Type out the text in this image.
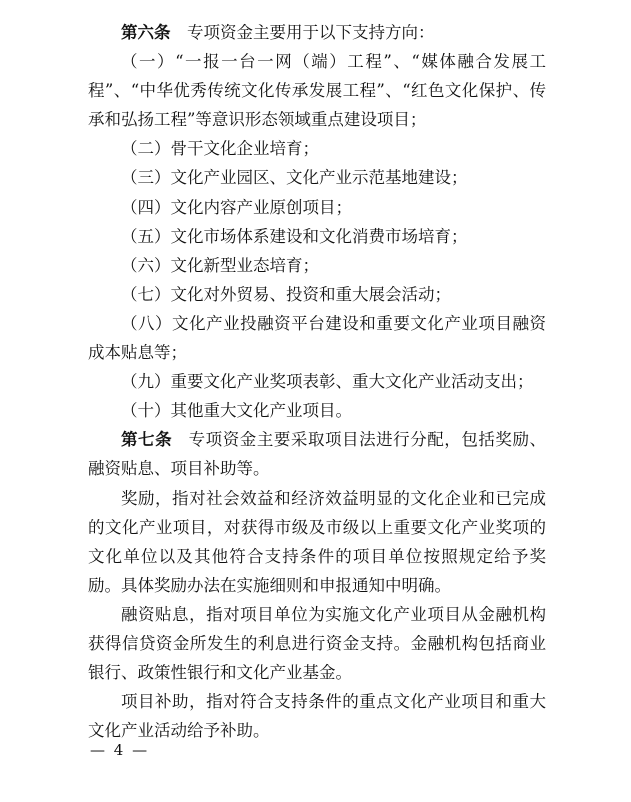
第六条 专项资金主要用于以下支持方向：

（一）“一报一台一网（端）工程”、“媒体融合发展工程”、“中华优秀传统文化传承发展工程”、“红色文化保护、传承和弘扬工程”等意识形态领域重点建设项目；

（二）骨干文化企业培育；

（三）文化产业园区、文化产业示范基地建设；

（四）文化内容产业原创项目；

（五）文化市场体系建设和文化消费市场培育；

（六）文化新型业态培育；

（七）文化对外贸易、投资和重大展会活动；

（八）文化产业投融资平台建设和重要文化产业项目融资成本贴息等；

（九）重要文化产业奖项表彰、重大文化产业活动支出；

（十）其他重大文化产业项目。

第七条 专项资金主要采取项目法进行分配，包括奖励、融资贴息、项目补助等。

奖励，指对社会效益和经济效益明显的文化企业和已完成的文化产业项目，对获得市级及市级以上重要文化产业奖项的文化单位以及其他符合支持条件的项目单位按照规定给予奖励。具体奖励办法在实施细则和申报通知中明确。

融资贴息，指对项目单位为实施文化产业项目从金融机构获得信贷资金所发生的利息进行资金支持。金融机构包括商业银行、政策性银行和文化产业基金。

项目补助，指对符合支持条件的重点文化产业项目和重大文化产业活动给予补助。

— 4 —
